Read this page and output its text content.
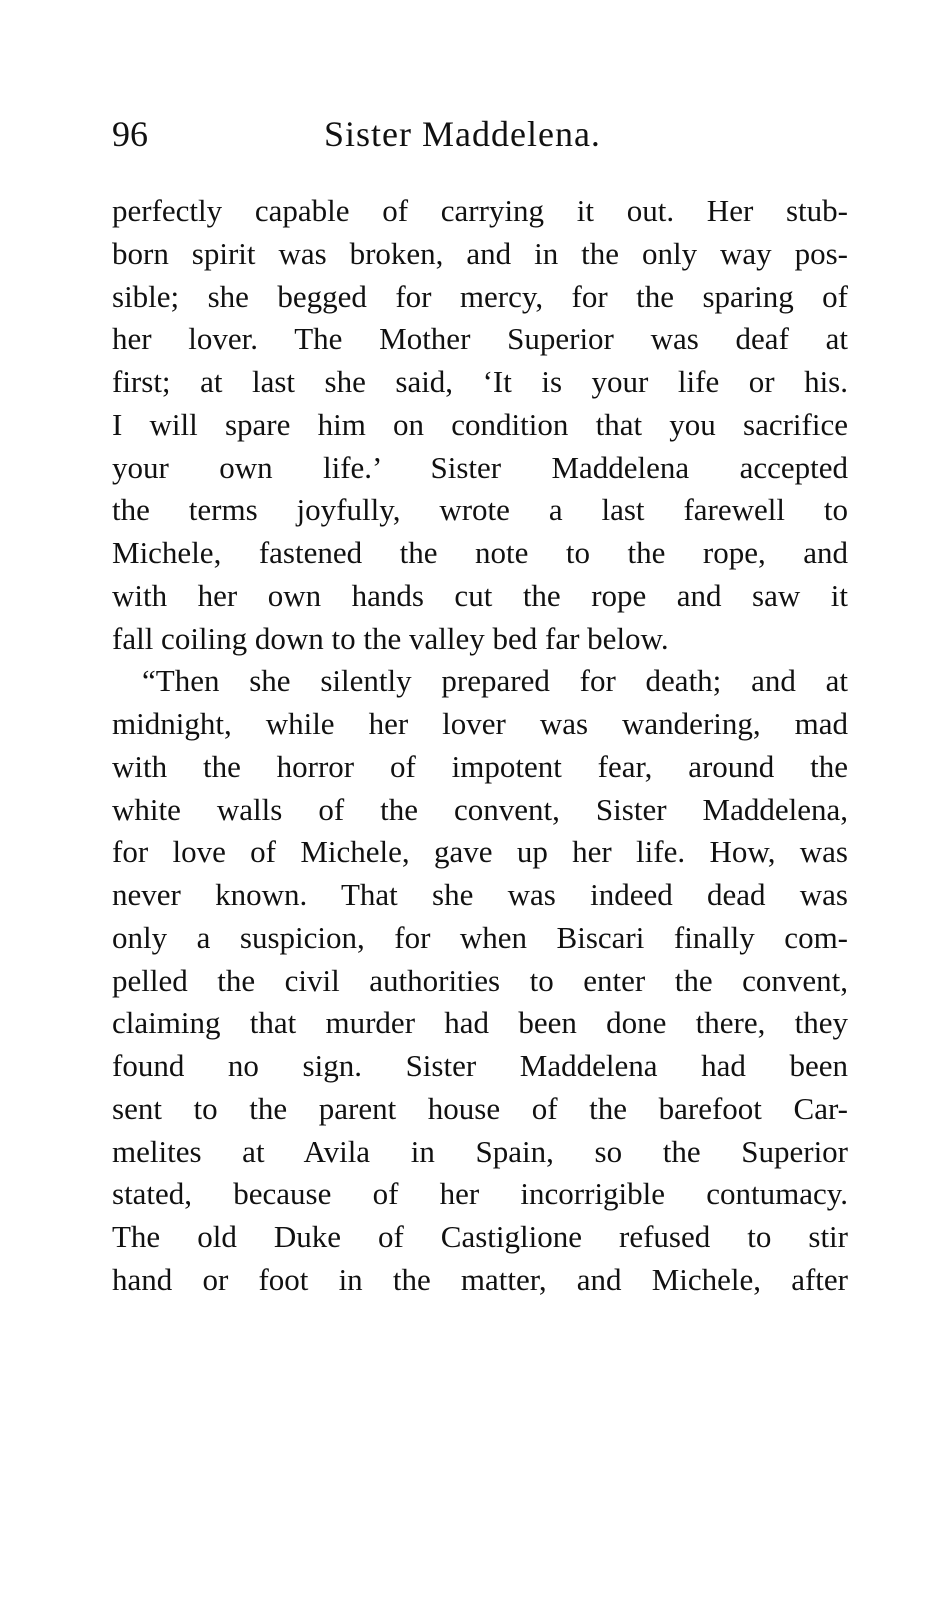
96	Sister Maddelena.
perfectly capable of carrying it out. Her stub-
born spirit was broken, and in the only way pos-
sible; she begged for mercy, for the sparing of
her lover. The Mother Superior was deaf at
first; at last she said, ‘It is your life or his.
I will spare him on condition that you sacrifice
your own life.’ Sister Maddelena accepted
the terms joyfully, wrote a last farewell to
Michele, fastened the note to the rope, and
with her own hands cut the rope and saw it
fall coiling down to the valley bed far below.
“Then she silently prepared for death; and at
midnight, while her lover was wandering, mad
with the horror of impotent fear, around the
white walls of the convent, Sister Maddelena,
for love of Michele, gave up her life. How, was
never known. That she was indeed dead was
only a suspicion, for when Biscari finally com-
pelled the civil authorities to enter the convent,
claiming that murder had been done there, they
found no sign. Sister Maddelena had been
sent to the parent house of the barefoot Car-
melites at Avila in Spain, so the Superior
stated, because of her incorrigible contumacy.
The old Duke of Castiglione refused to stir
hand or foot in the matter, and Michele, after
